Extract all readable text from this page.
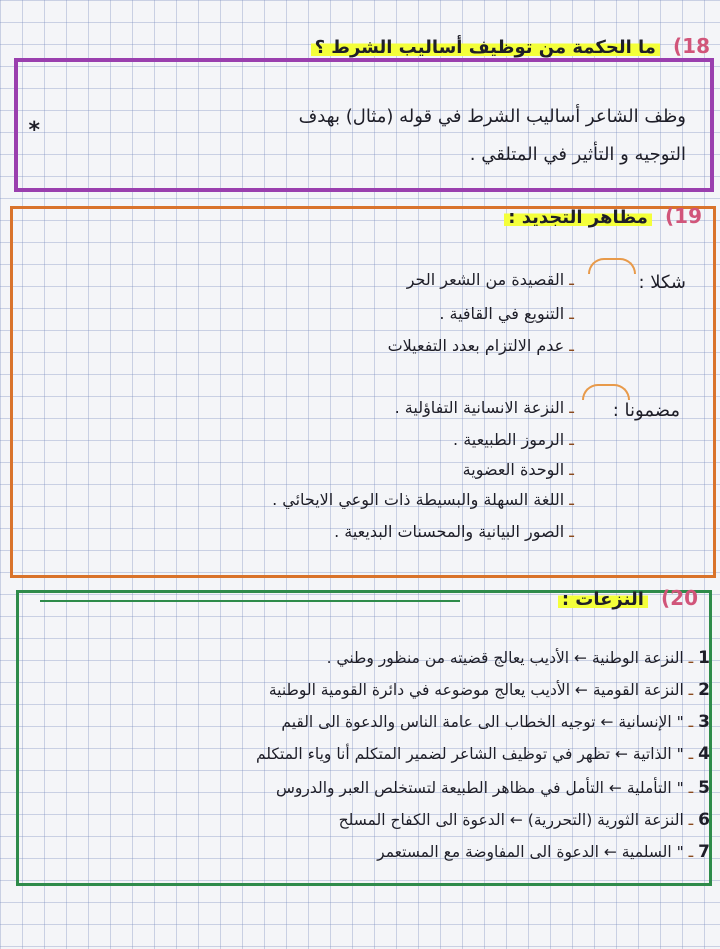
18) ما الحكمة من توظيف أساليب الشرط ؟
*
وظف الشاعر أساليب الشرط في قوله (مثال) بهدف
التوجيه و التأثير في المتلقي .
19) مظاهر التجديد :
شكلا :
ـ القصيدة من الشعر الحر
ـ التنويع في القافية .
ـ عدم الالتزام بعدد التفعيلات
مضمونا :
ـ النزعة الانسانية التفاؤلية .
ـ الرموز الطبيعية .
ـ الوحدة العضوية
ـ اللغة السهلة والبسيطة ذات الوعي الايحائي .
ـ الصور البيانية والمحسنات البديعية .
20) النزعات :
1 ـ النزعة الوطنية ← الأديب يعالج قضيته من منظور وطني .
2 ـ النزعة القومية ← الأديب يعالج موضوعه في دائرة القومية الوطنية
3 ـ " الإنسانية ← توجيه الخطاب الى عامة الناس والدعوة الى القيم
4 ـ " الذاتية ← تظهر في توظيف الشاعر لضمير المتكلم أنا وياء المتكلم
5 ـ " التأملية ← التأمل في مظاهر الطبيعة لتستخلص العبر والدروس
6 ـ النزعة الثورية (التحررية) ← الدعوة الى الكفاح المسلح
7 ـ " السلمية ← الدعوة الى المفاوضة مع المستعمر
